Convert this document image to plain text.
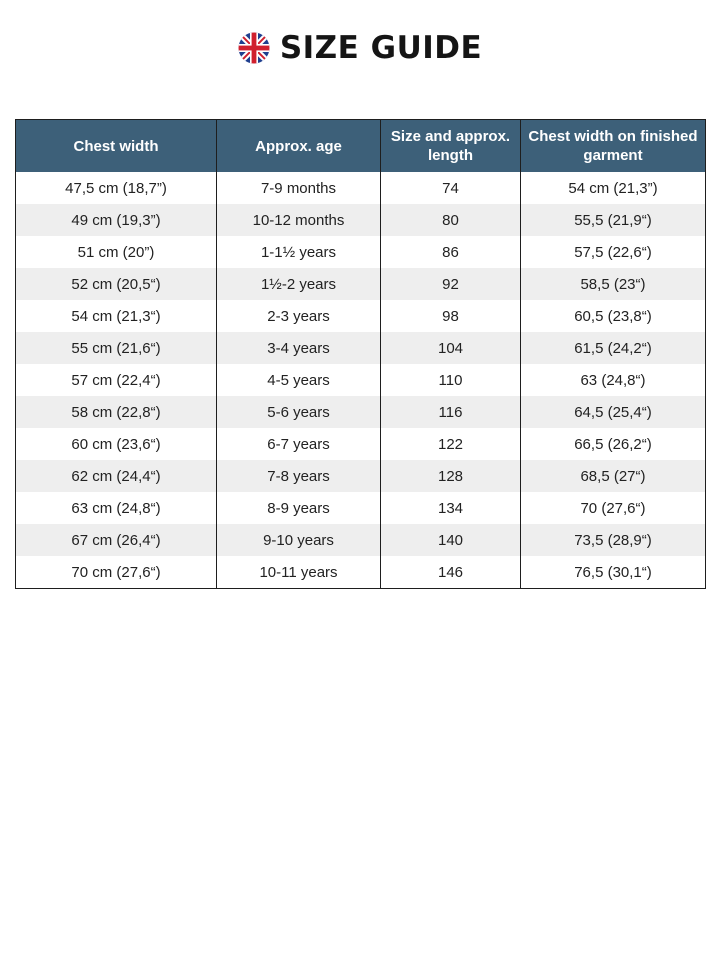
SIZE GUIDE
Chest width	Approx. age	Size and approx. length	Chest width on finished garment
47,5 cm (18,7”)	7-9 months	74	54 cm (21,3”)
49 cm (19,3”)	10-12 months	80	55,5 (21,9“)
51 cm (20”)	1-1½ years	86	57,5 (22,6“)
52 cm (20,5“)	1½-2 years	92	58,5 (23“)
54 cm (21,3“)	2-3 years	98	60,5 (23,8“)
55 cm (21,6“)	3-4 years	104	61,5 (24,2“)
57 cm (22,4“)	4-5 years	110	63 (24,8“)
58 cm (22,8“)	5-6 years	116	64,5 (25,4“)
60 cm (23,6“)	6-7 years	122	66,5 (26,2“)
62 cm (24,4“)	7-8 years	128	68,5 (27“)
63 cm (24,8“)	8-9 years	134	70 (27,6“)
67 cm (26,4“)	9-10 years	140	73,5 (28,9“)
70 cm (27,6“)	10-11 years	146	76,5 (30,1“)
